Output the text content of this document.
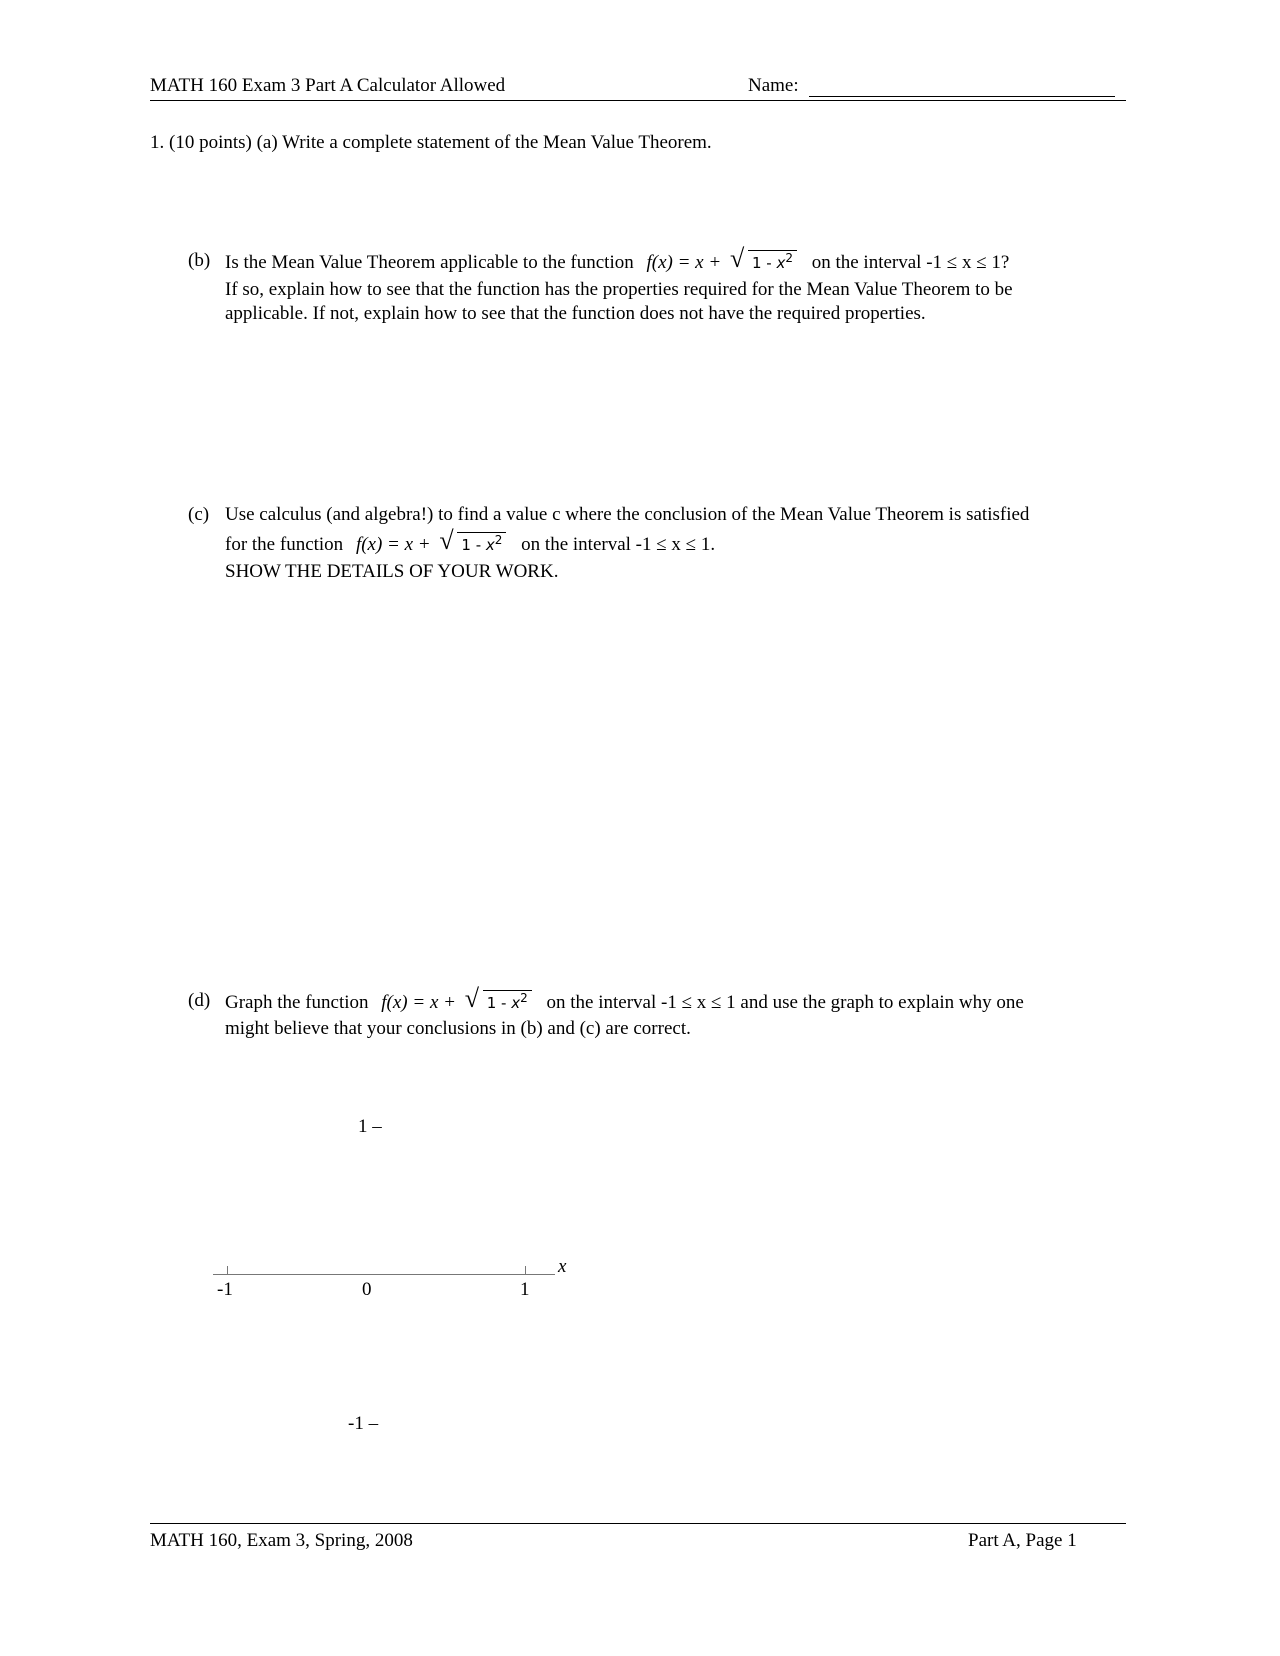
MATH 160 Exam 3 Part A Calculator Allowed	Name:
1. (10 points) (a) Write a complete statement of the Mean Value Theorem.
(b) Is the Mean Value Theorem applicable to the function f(x) = x + √ $1 - x^2$ on the interval -1 ≤ x ≤ 1?
If so, explain how to see that the function has the properties required for the Mean Value Theorem to be
applicable. If not, explain how to see that the function does not have the required properties.
(c) Use calculus (and algebra!) to find a value c where the conclusion of the Mean Value Theorem is satisfied
for the function f(x) = x + √ $1 - x^2$ on the interval -1 ≤ x ≤ 1.
SHOW THE DETAILS OF YOUR WORK.
(d) Graph the function f(x) = x + √ $1 - x^2$ on the interval -1 ≤ x ≤ 1 and use the graph to explain why one
might believe that your conclusions in (b) and (c) are correct.
1 –
x
-1	0	1
-1 –
MATH 160, Exam 3, Spring, 2008	Part A, Page 1
